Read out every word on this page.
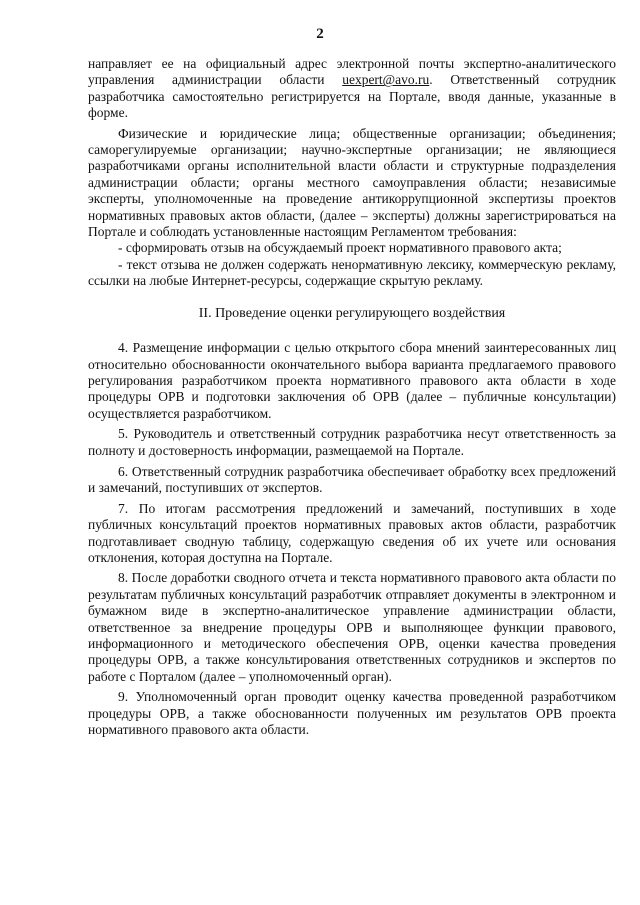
2

направляет ее на официальный адрес электронной почты экспертно-аналитического управления администрации области uexpert@avo.ru. Ответственный сотрудник разработчика самостоятельно регистрируется на Портале, вводя данные, указанные в форме.

Физические и юридические лица; общественные организации; объединения; саморегулируемые организации; научно-экспертные организации; не являющиеся разработчиками органы исполнительной власти области и структурные подразделения администрации области; органы местного самоуправления области; независимые эксперты, уполномоченные на проведение антикоррупционной экспертизы проектов нормативных правовых актов области, (далее – эксперты) должны зарегистрироваться на Портале и соблюдать установленные настоящим Регламентом требования:

- сформировать отзыв на обсуждаемый проект нормативного правового акта;

- текст отзыва не должен содержать ненормативную лексику, коммерческую рекламу, ссылки на любые Интернет-ресурсы, содержащие скрытую рекламу.

II. Проведение оценки регулирующего воздействия

4. Размещение информации с целью открытого сбора мнений заинтересованных лиц относительно обоснованности окончательного выбора варианта предлагаемого правового регулирования разработчиком проекта нормативного правового акта области в ходе процедуры ОРВ и подготовки заключения об ОРВ (далее – публичные консультации) осуществляется разработчиком.

5. Руководитель и ответственный сотрудник разработчика несут ответственность за полноту и достоверность информации, размещаемой на Портале.

6. Ответственный сотрудник разработчика обеспечивает обработку всех предложений и замечаний, поступивших от экспертов.

7. По итогам рассмотрения предложений и замечаний, поступивших в ходе публичных консультаций проектов нормативных правовых актов области, разработчик подготавливает сводную таблицу, содержащую сведения об их учете или основания отклонения, которая доступна на Портале.

8. После доработки сводного отчета и текста нормативного правового акта области по результатам публичных консультаций разработчик отправляет документы в электронном и бумажном виде в экспертно-аналитическое управление администрации области, ответственное за внедрение процедуры ОРВ и выполняющее функции правового, информационного и методического обеспечения ОРВ, оценки качества проведения процедуры ОРВ, а также консультирования ответственных сотрудников и экспертов по работе с Порталом (далее – уполномоченный орган).

9. Уполномоченный орган проводит оценку качества проведенной разработчиком процедуры ОРВ, а также обоснованности полученных им результатов ОРВ проекта нормативного правового акта области.
